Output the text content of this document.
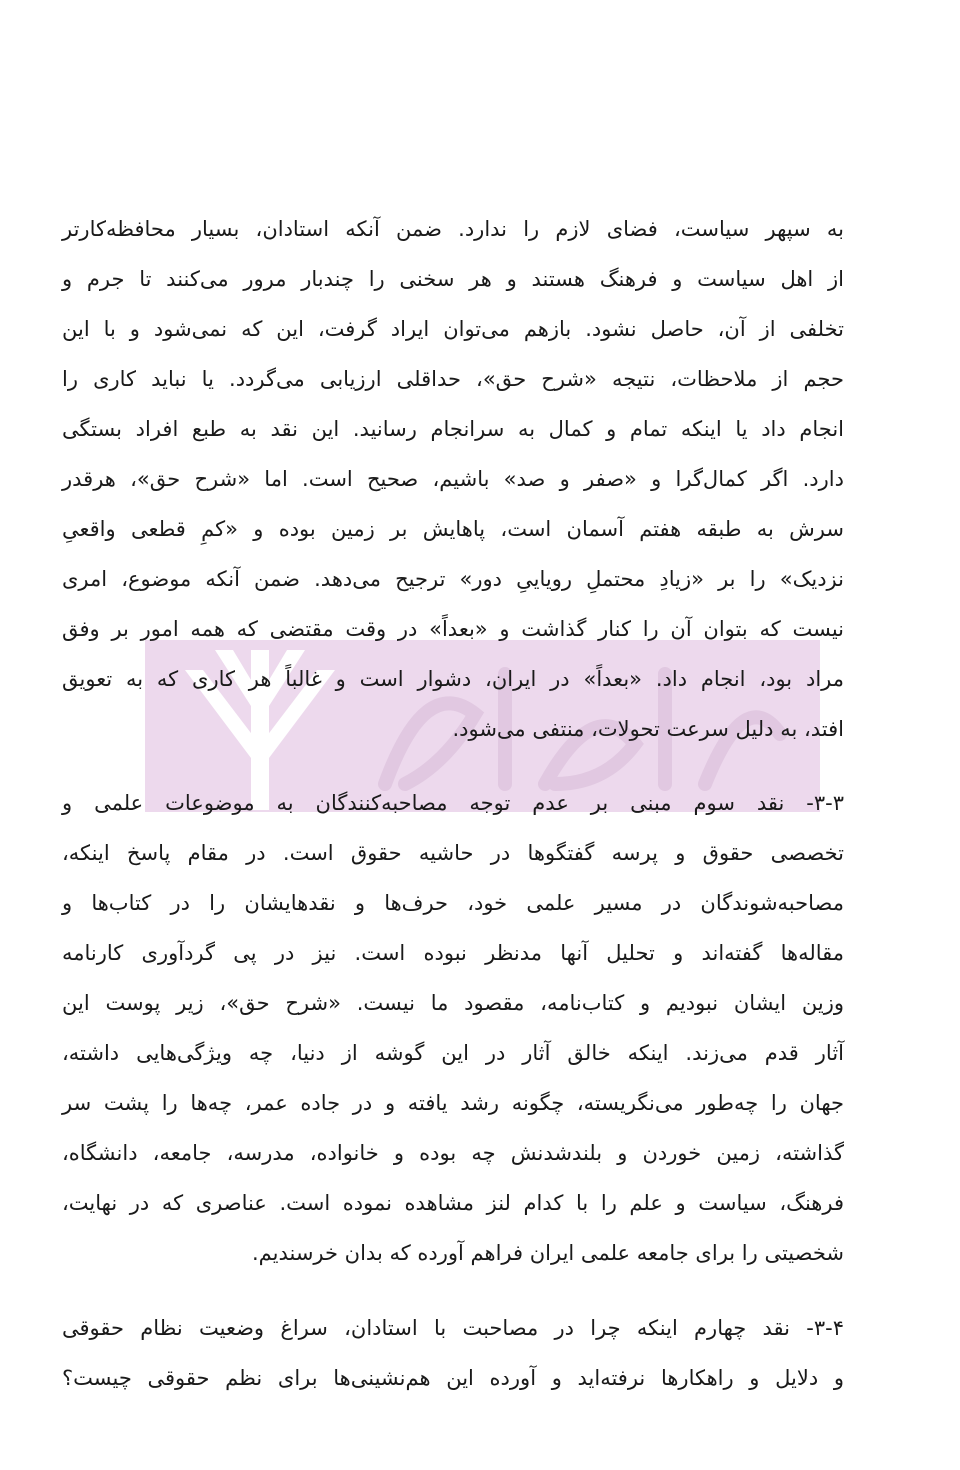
به سپهر سیاست، فضای لازم را ندارد. ضمن آنکه استادان، بسیار محافظه‌کارتر
از اهل سیاست و فرهنگ هستند و هر سخنی را چندبار مرور می‌کنند تا جرم و
تخلفی از آن، حاصل نشود. بازهم می‌توان ایراد گرفت، این که نمی‌شود و با این
حجم از ملاحظات، نتیجه «شرح حق»، حداقلی ارزیابی می‌گردد. یا نباید کاری را
انجام داد یا اینکه تمام و کمال به سرانجام رسانید. این نقد به طبع افراد بستگی
دارد. اگر کمال‌گرا و «صفر و صد» باشیم، صحیح است. اما «شرح حق»، هرقدر
سرش به طبقه هفتم آسمان است، پاهایش بر زمین بوده و «کمِ قطعی واقعیِ
نزدیک» را بر «زیادِ محتملِ رویاییِ دور» ترجیح می‌دهد. ضمن آنکه موضوع، امری
نیست که بتوان آن را کنار گذاشت و «بعداً» در وقت مقتضی که همه امور بر وفق
مراد بود، انجام داد. «بعداً» در ایران، دشوار است و غالباً هر کاری که به تعویق
افتد، به دلیل سرعت تحولات، منتفی می‌شود.
۳-۳- نقد سوم مبنی بر عدم توجه مصاحبه‌کنندگان به موضوعات علمی و
تخصصی حقوق و پرسه گفتگوها در حاشیه حقوق است. در مقام پاسخ اینکه،
مصاحبه‌شوندگان در مسیر علمی خود، حرف‌ها و نقدهایشان را در کتاب‌ها و
مقاله‌ها گفته‌اند و تحلیل آنها مدنظر نبوده است. نیز در پی گردآوری کارنامه
وزین ایشان نبودیم و کتاب‌نامه، مقصود ما نیست. «شرح حق»، زیر پوست این
آثار قدم می‌زند. اینکه خالق آثار در این گوشه از دنیا، چه ویژگی‌هایی داشته،
جهان را چه‌طور می‌نگریسته، چگونه رشد یافته و در جاده عمر، چه‌ها را پشت سر
گذاشته، زمین خوردن و بلندشدنش چه بوده و خانواده، مدرسه، جامعه، دانشگاه،
فرهنگ، سیاست و علم را با کدام لنز مشاهده نموده است. عناصری که در نهایت،
شخصیتی را برای جامعه علمی ایران فراهم آورده که بدان خرسندیم.
۳-۴- نقد چهارم اینکه چرا در مصاحبت با استادان، سراغ وضعیت نظام حقوقی
و دلایل و راهکارها نرفته‌اید و آورده این هم‌نشینی‌ها برای نظم حقوقی چیست؟
